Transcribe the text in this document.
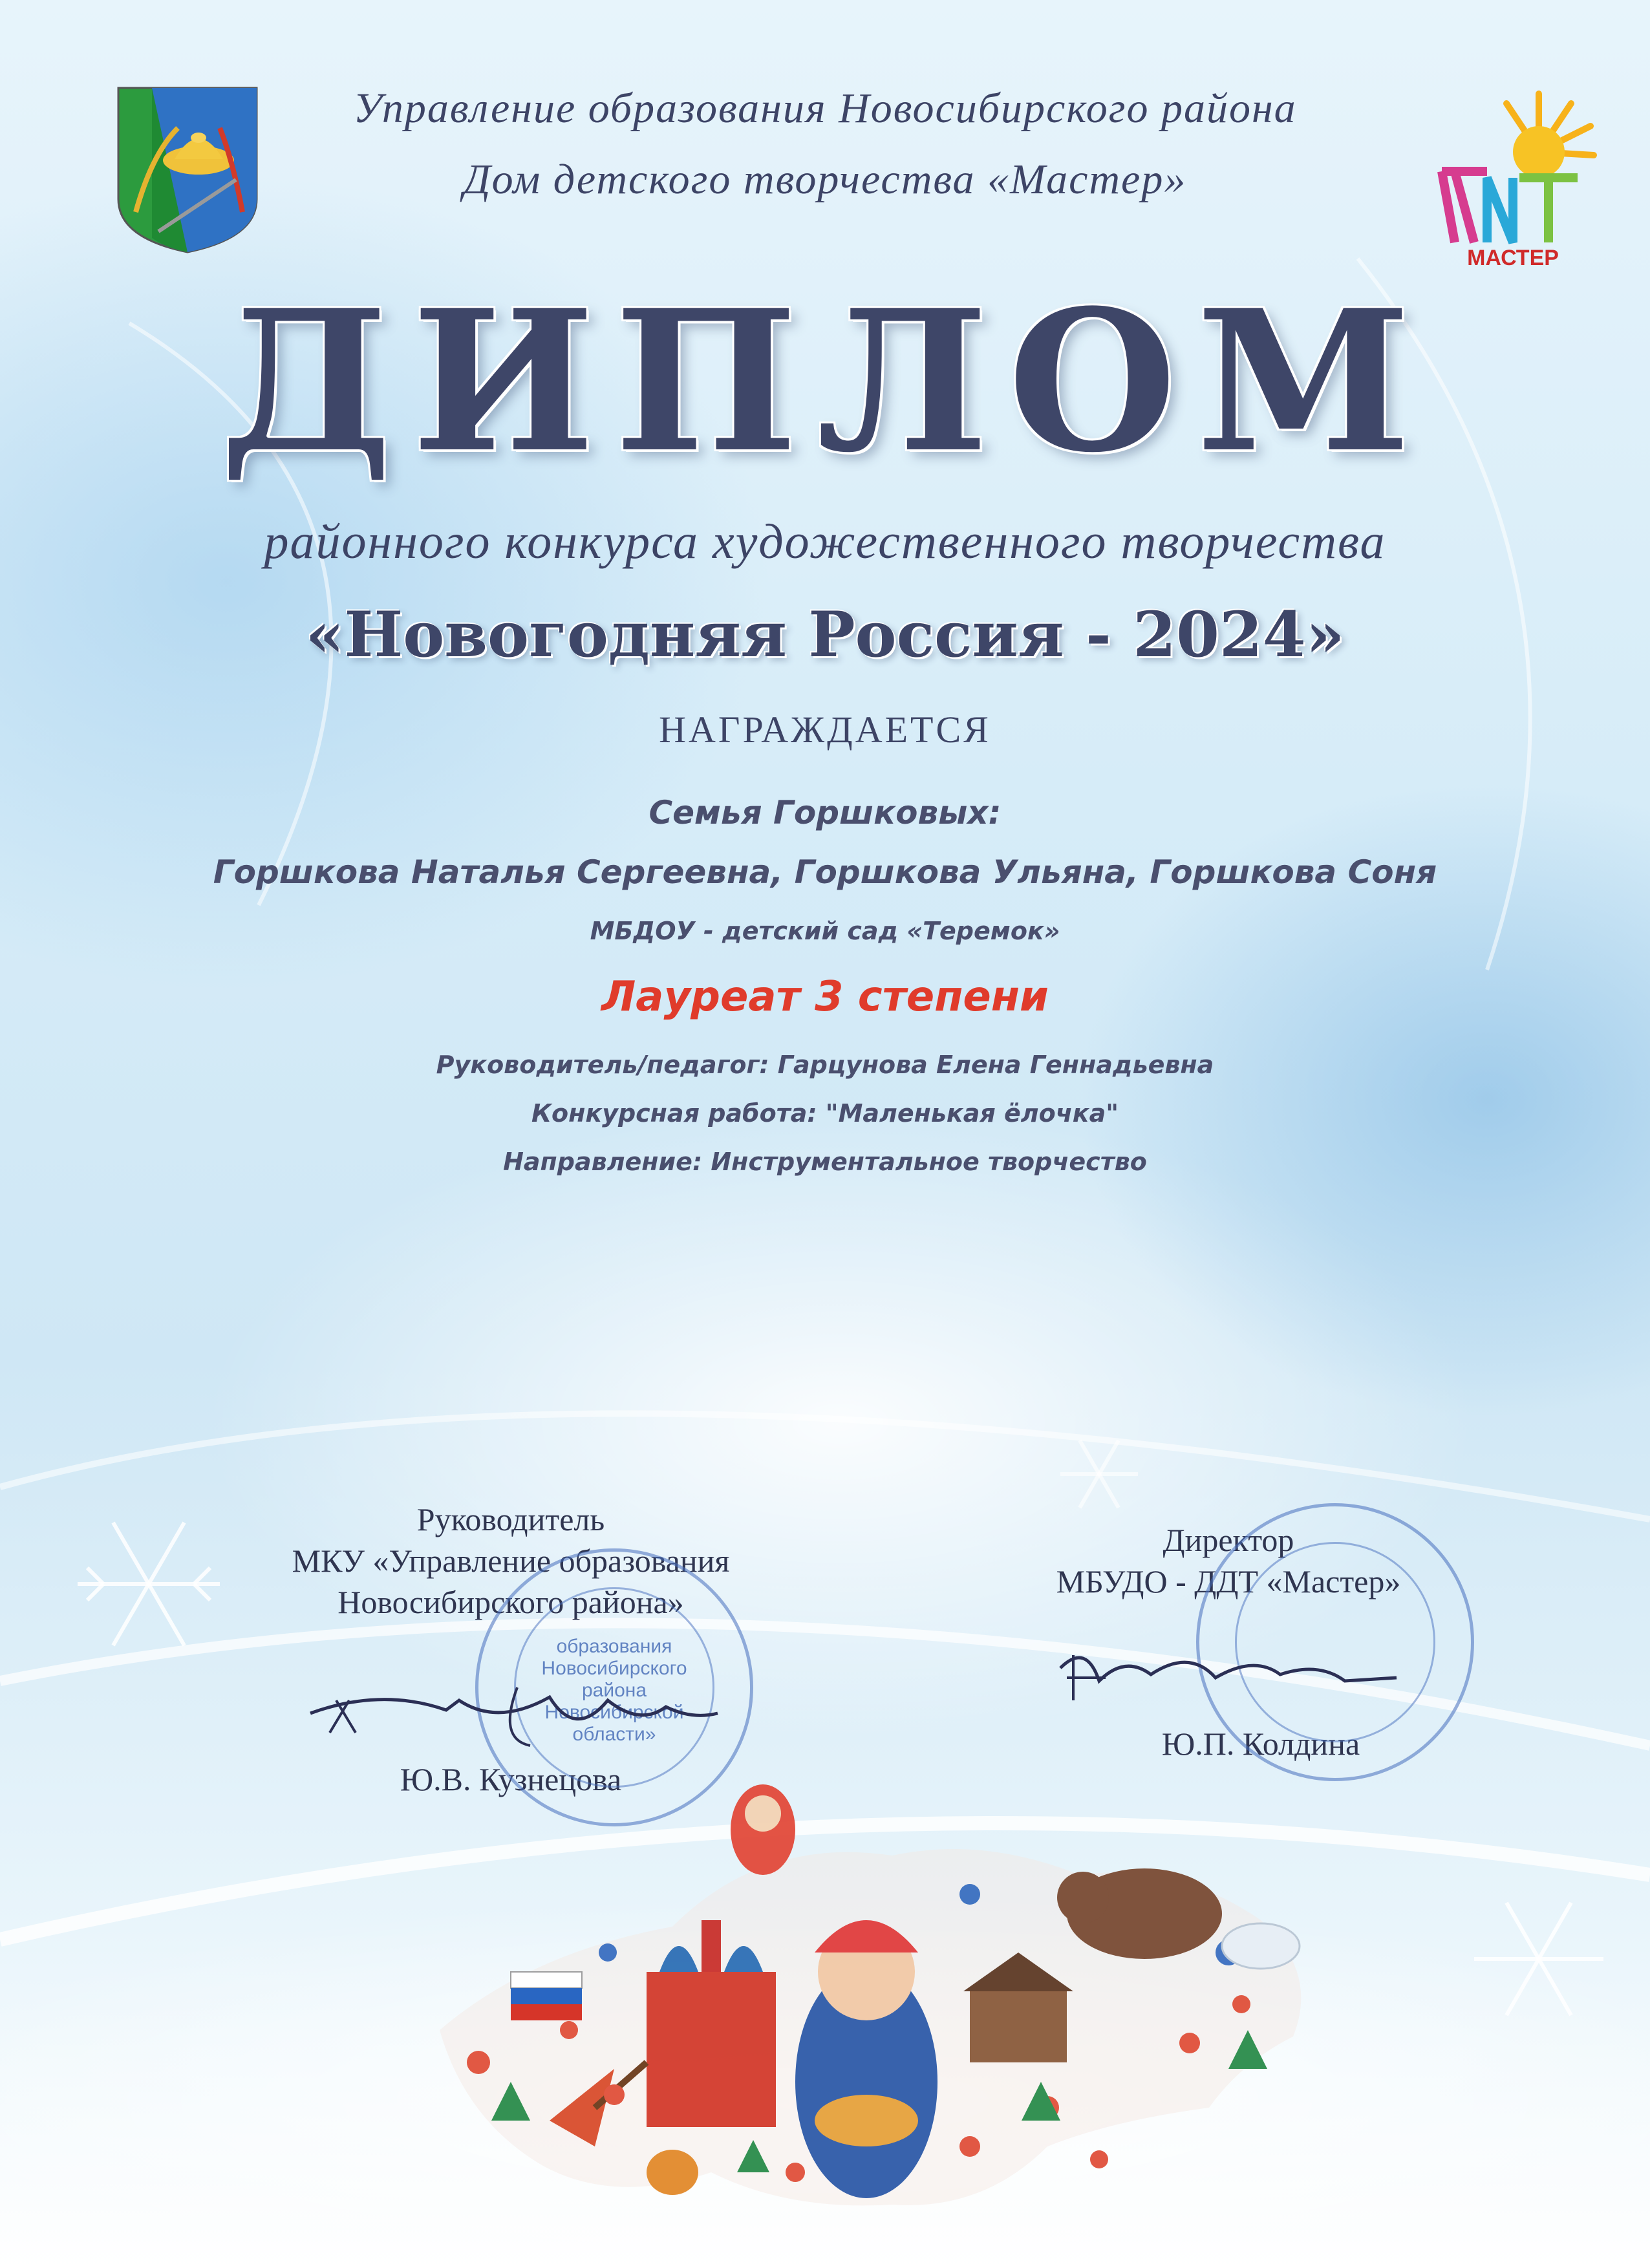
МАСТЕР
Управление образования Новосибирского района
Дом детского творчества «Мастер»
ДИПЛОМ
районного конкурса художественного творчества
«Новогодняя Россия - 2024»
НАГРАЖДАЕТСЯ
Семья Горшковых:
Горшкова Наталья Сергеевна, Горшкова Ульяна, Горшкова Соня
МБДОУ - детский сад «Теремок»
Лауреат 3 степени
Руководитель/педагог: Гарцунова Елена Геннадьевна
Конкурсная работа: "Маленькая ёлочка"
Направление: Инструментальное творчество
Руководитель
МКУ «Управление образования
Новосибирского района»
Ю.В. Кузнецова
образования Новосибирского района Новосибирской области»
Директор
МБУДО - ДДТ «Мастер»
Ю.П. Колдина
